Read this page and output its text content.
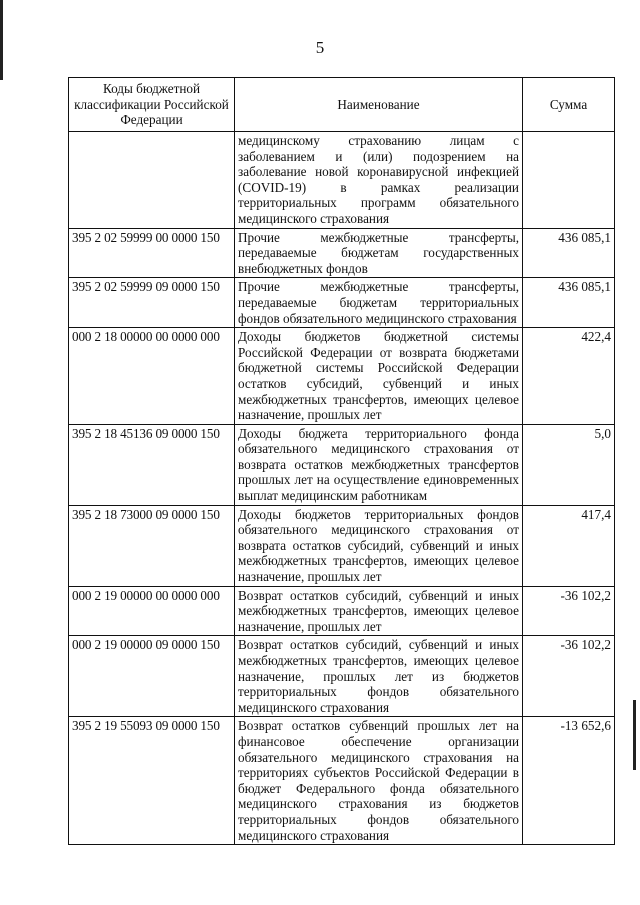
5
Коды бюджетной классификации Российской Федерации	Наименование	Сумма
	медицинскому страхованию лицам с заболеванием и (или) подозрением на заболевание новой коронавирусной инфекцией (COVID-19) в рамках реализации территориальных программ обязательного медицинского страхования	
395 2 02 59999 00 0000 150	Прочие межбюджетные трансферты, передаваемые бюджетам государственных внебюджетных фондов	436 085,1
395 2 02 59999 09 0000 150	Прочие межбюджетные трансферты, передаваемые бюджетам территориальных фондов обязательного медицинского страхования	436 085,1
000 2 18 00000 00 0000 000	Доходы бюджетов бюджетной системы Российской Федерации от возврата бюджетами бюджетной системы Российской Федерации остатков субсидий, субвенций и иных межбюджетных трансфертов, имеющих целевое назначение, прошлых лет	422,4
395 2 18 45136 09 0000 150	Доходы бюджета территориального фонда обязательного медицинского страхования от возврата остатков межбюджетных трансфертов прошлых лет на осуществление единовременных выплат медицинским работникам	5,0
395 2 18 73000 09 0000 150	Доходы бюджетов территориальных фондов обязательного медицинского страхования от возврата остатков субсидий, субвенций и иных межбюджетных трансфертов, имеющих целевое назначение, прошлых лет	417,4
000 2 19 00000 00 0000 000	Возврат остатков субсидий, субвенций и иных межбюджетных трансфертов, имеющих целевое назначение, прошлых лет	-36 102,2
000 2 19 00000 09 0000 150	Возврат остатков субсидий, субвенций и иных межбюджетных трансфертов, имеющих целевое назначение, прошлых лет из бюджетов территориальных фондов обязательного медицинского страхования	-36 102,2
395 2 19 55093 09 0000 150	Возврат остатков субвенций прошлых лет на финансовое обеспечение организации обязательного медицинского страхования на территориях субъектов Российской Федерации в бюджет Федерального фонда обязательного медицинского страхования из бюджетов территориальных фондов обязательного медицинского страхования	-13 652,6
